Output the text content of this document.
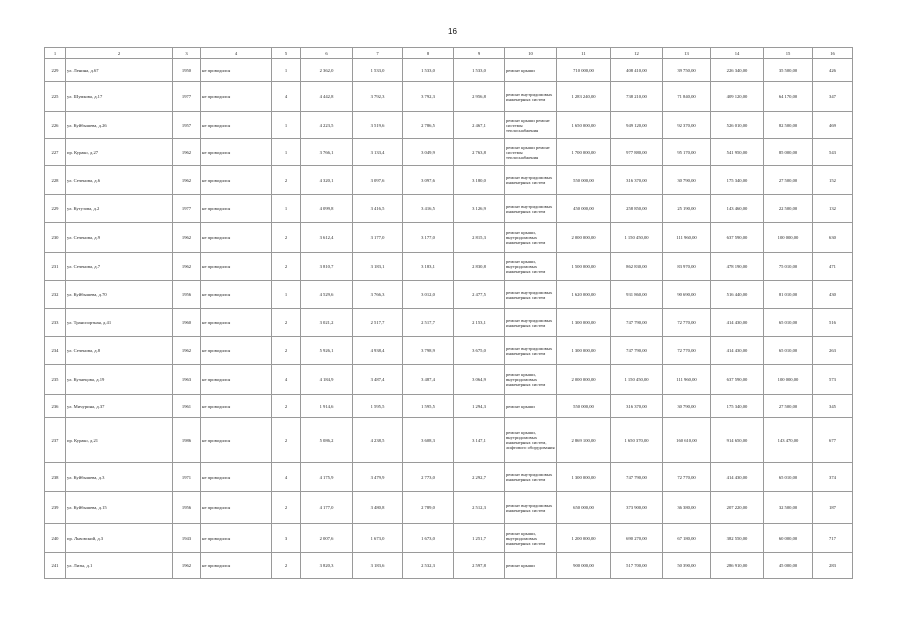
16
1	2	3	4	5	6	7	8	9	10	11	12	13	14	15	16
229	ул. Ленина, д.67	1950	не проводился	1	2 362,0	1 533,0	1 533,0	1 533,0	ремонт крыши	710 000,00	408 410,00	39 750,00	226 340,00	35 500,00	426
225	ул. Шумкова, д.17	1977	не проводился	4	4 442,8	3 792,3	3 792,3	2 956,8	ремонт внутридомовых инженерных систем	1 283 240,00	738 210,00	71 840,00	409 120,00	64 170,00	347
226	ул. Куйбышева, д.26	1957	не проводился	1	4 223,5	3 519,6	2 786,5	2 467,1	ремонт крыши ремонт системы теплоснабжения	1 650 000,00	949 120,00	92 370,00	526 010,00	82 500,00	469
227	пр. Курако, д.27	1962	не проводился	1	3 766,1	3 133,4	3 049,9	2 763,8	ремонт крыши ремонт системы теплоснабжения	1 700 000,00	977 880,00	95 170,00	541 950,00	85 000,00	543
228	ул. Сеченова, д.6	1962	не проводился	2	4 320,1	3 097,6	3 097,6	3 180,0	ремонт внутридомовых инженерных систем	550 000,00	316 370,00	30 790,00	175 340,00	27 500,00	152
229	ул. Кутузова, д.2	1977	не проводился	1	4 099,8	3 416,5	3 416,5	3 126,9	ремонт внутридомовых инженерных систем	450 000,00	258 850,00	25 190,00	143 460,00	22 500,00	132
230	ул. Сеченова, д.9	1962	не проводился	2	3 612,4	3 177,0	3 177,0	2 815,3	ремонт крыши, внутридомовых инженерных систем	2 000 000,00	1 150 450,00	111 960,00	637 590,00	100 000,00	630
231	ул. Сеченова, д.7	1962	не проводился	2	3 810,7	3 183,1	3 183,1	2 830,8	ремонт крыши, внутридомовых инженерных систем	1 500 000,00	862 830,00	83 970,00	478 190,00	75 010,00	471
232	ул. Куйбышева, д.70	1956	не проводился	1	4 529,6	3 766,3	3 012,0	2 477,5	ремонт внутридомовых инженерных систем	1 620 000,00	931 860,00	90 690,00	516 440,00	81 010,00	430
233	ул. Транспортная, д.41	1960	не проводился	2	3 021,2	2 517,7	2 517,7	2 153,1	ремонт внутридомовых инженерных систем	1 300 000,00	747 790,00	72 770,00	414 430,00	65 010,00	516
234	ул. Сеченова, д.8	1962	не проводился	2	5 926,1	4 938,4	3 798,9	3 675,0	ремонт внутридомовых инженерных систем	1 300 000,00	747 790,00	72 770,00	414 430,00	65 010,00	263
235	ул. Кузнецова, д.19	1963	не проводился	4	4 184,9	3 487,4	3 487,4	3 064,9	ремонт крыши, внутридомовых инженерных систем	2 000 000,00	1 150 450,00	111 960,00	637 590,00	100 000,00	573
236	ул. Мичурина, д.37	1961	не проводился	2	1 914,6	1 595,5	1 595,5	1 294,3	ремонт крыши	550 000,00	316 370,00	30 790,00	175 340,00	27 500,00	345
237	пр. Курако, д.21	1986	не проводился	2	5 086,2	4 238,5	3 608,3	3 147,1	ремонт крыши, внутридомовых инженерных систем, лифтового оборудования	2 869 100,00	1 650 370,00	160 610,00	914 650,00	143 470,00	677
238	ул. Куйбышева, д.3	1971	не проводился	4	4 175,9	3 479,9	2 773,0	2 292,7	ремонт внутридомовых инженерных систем	1 300 000,00	747 790,00	72 770,00	414 430,00	65 010,00	374
239	ул. Куйбышева, д.15	1956	не проводился	2	4 177,0	3 480,8	2 789,0	2 512,3	ремонт внутридомовых инженерных систем	650 000,00	373 900,00	36 380,00	207 220,00	32 500,00	187
240	пр. Львовский, д.3	1943	не проводился	3	2 007,6	1 673,0	1 673,0	1 251,7	ремонт крыши, внутридомовых инженерных систем	1 200 000,00	690 270,00	67 180,00	382 550,00	60 000,00	717
241	ул. Лизы, д.1	1962	не проводился	2	3 820,3	3 183,6	2 532,3	2 597,8	ремонт крыши	900 000,00	517 700,00	50 390,00	286 910,00	45 000,00	283
